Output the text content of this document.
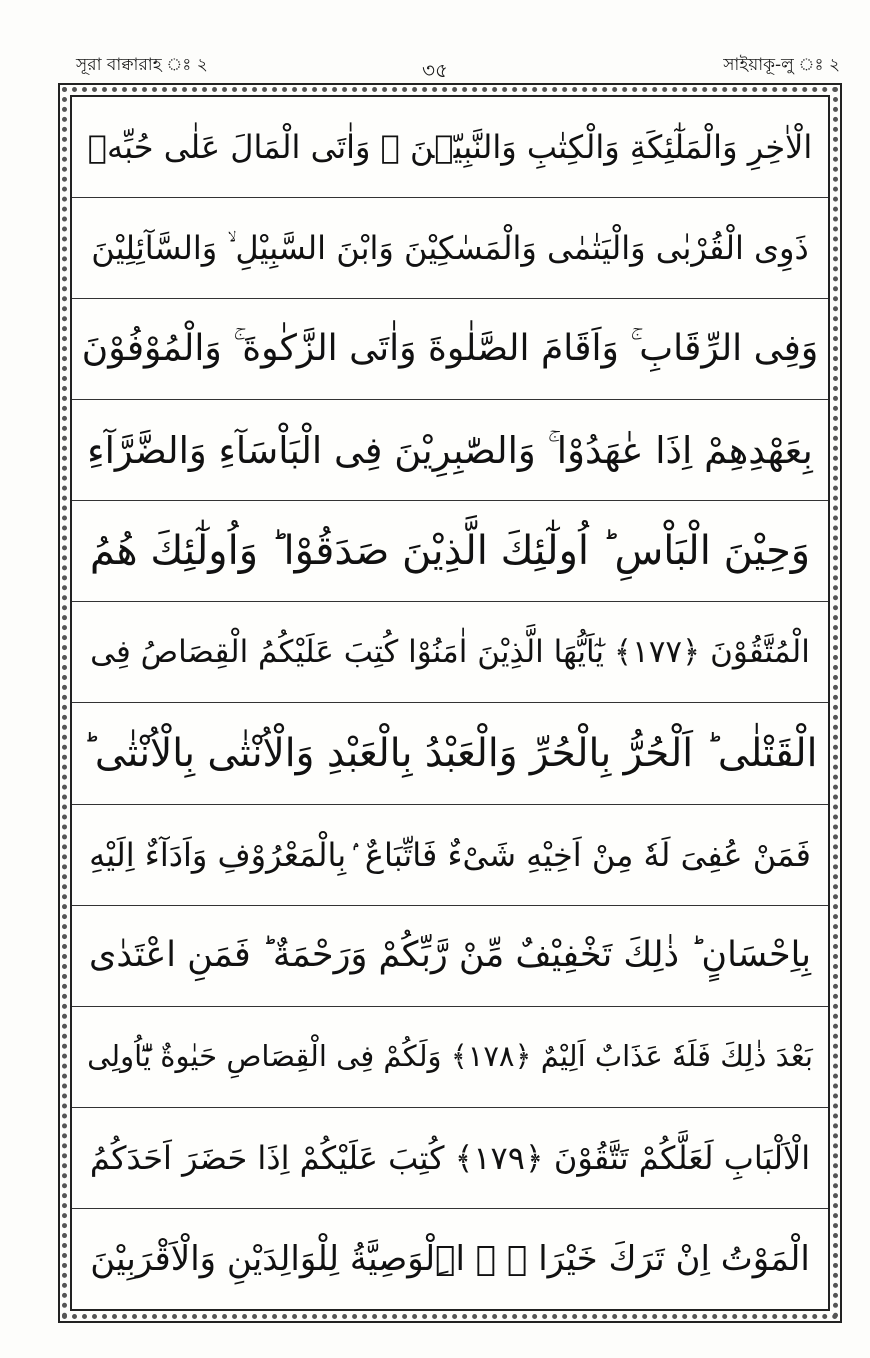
সূরা বাক্বারাহ ঃ ২	৩৫	সাইয়াকূ-লু ঃ ২
الْاٰخِرِ وَالْمَلٰٓئِكَةِ وَالْكِتٰبِ وَالنَّبِيّٖنَ ۚ وَاٰتَى الْمَالَ عَلٰى حُبِّهٖ
ذَوِى الْقُرْبٰى وَالْيَتٰمٰى وَالْمَسٰكِيْنَ وَابْنَ السَّبِيْلِ ۙ وَالسَّآئِلِيْنَ
وَفِى الرِّقَابِ ۚ وَاَقَامَ الصَّلٰوةَ وَاٰتَى الزَّكٰوةَ ۚ وَالْمُوْفُوْنَ
بِعَهْدِهِمْ اِذَا عٰهَدُوْا ۚ وَالصّٰبِرِيْنَ فِى الْبَاْسَآءِ وَالضَّرَّآءِ
وَحِيْنَ الْبَاْسِ ؕ اُولٰٓئِكَ الَّذِيْنَ صَدَقُوْا ؕ وَاُولٰٓئِكَ هُمُ
الْمُتَّقُوْنَ ﴿١٧٧﴾ يٰٓاَيُّهَا الَّذِيْنَ اٰمَنُوْا كُتِبَ عَلَيْكُمُ الْقِصَاصُ فِى
الْقَتْلٰى ؕ اَلْحُرُّ بِالْحُرِّ وَالْعَبْدُ بِالْعَبْدِ وَالْاُنْثٰى بِالْاُنْثٰى ؕ
فَمَنْ عُفِىَ لَهٗ مِنْ اَخِيْهِ شَىْءٌ فَاتِّبَاعٌ ۢبِالْمَعْرُوْفِ وَاَدَآءٌ اِلَيْهِ
بِاِحْسَانٍ ؕ ذٰلِكَ تَخْفِيْفٌ مِّنْ رَّبِّكُمْ وَرَحْمَةٌ ؕ فَمَنِ اعْتَدٰى
بَعْدَ ذٰلِكَ فَلَهٗ عَذَابٌ اَلِيْمٌ ﴿١٧٨﴾ وَلَكُمْ فِى الْقِصَاصِ حَيٰوةٌ يّٰٓاُولِى
الْاَلْبَابِ لَعَلَّكُمْ تَتَّقُوْنَ ﴿١٧٩﴾ كُتِبَ عَلَيْكُمْ اِذَا حَضَرَ اَحَدَكُمُ
الْمَوْتُ اِنْ تَرَكَ خَيْرَا ۖ ۚ اِۨلْوَصِيَّةُ لِلْوَالِدَيْنِ وَالْاَقْرَبِيْنَ
